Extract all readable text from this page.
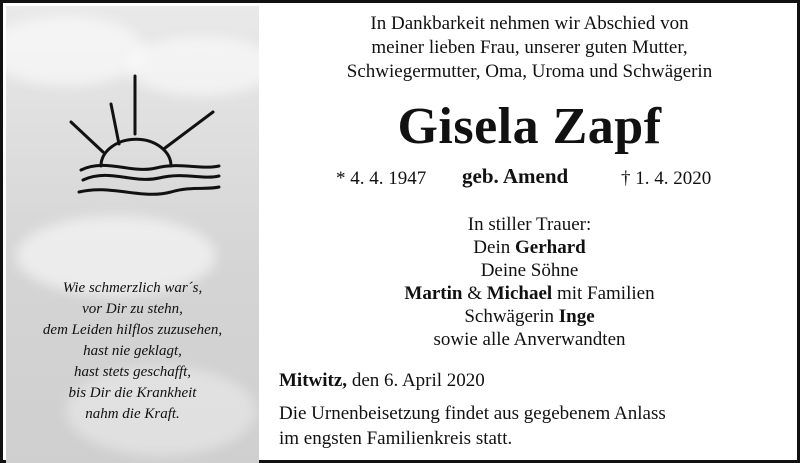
Wie schmerzlich war´s,
vor Dir zu stehn,
dem Leiden hilflos zuzusehen,
hast nie geklagt,
hast stets geschafft,
bis Dir die Krankheit
nahm die Kraft.
In Dankbarkeit nehmen wir Abschied von
meiner lieben Frau, unserer guten Mutter,
Schwiegermutter, Oma, Uroma und Schwägerin
Gisela Zapf
* 4. 4. 1947 geb. Amend	† 1. 4. 2020
In stiller Trauer:
Dein Gerhard
Deine Söhne
Martin & Michael mit Familien
Schwägerin Inge
sowie alle Anverwandten
Mitwitz, den 6. April 2020
Die Urnenbeisetzung findet aus gegebenem Anlass
im engsten Familienkreis statt.
